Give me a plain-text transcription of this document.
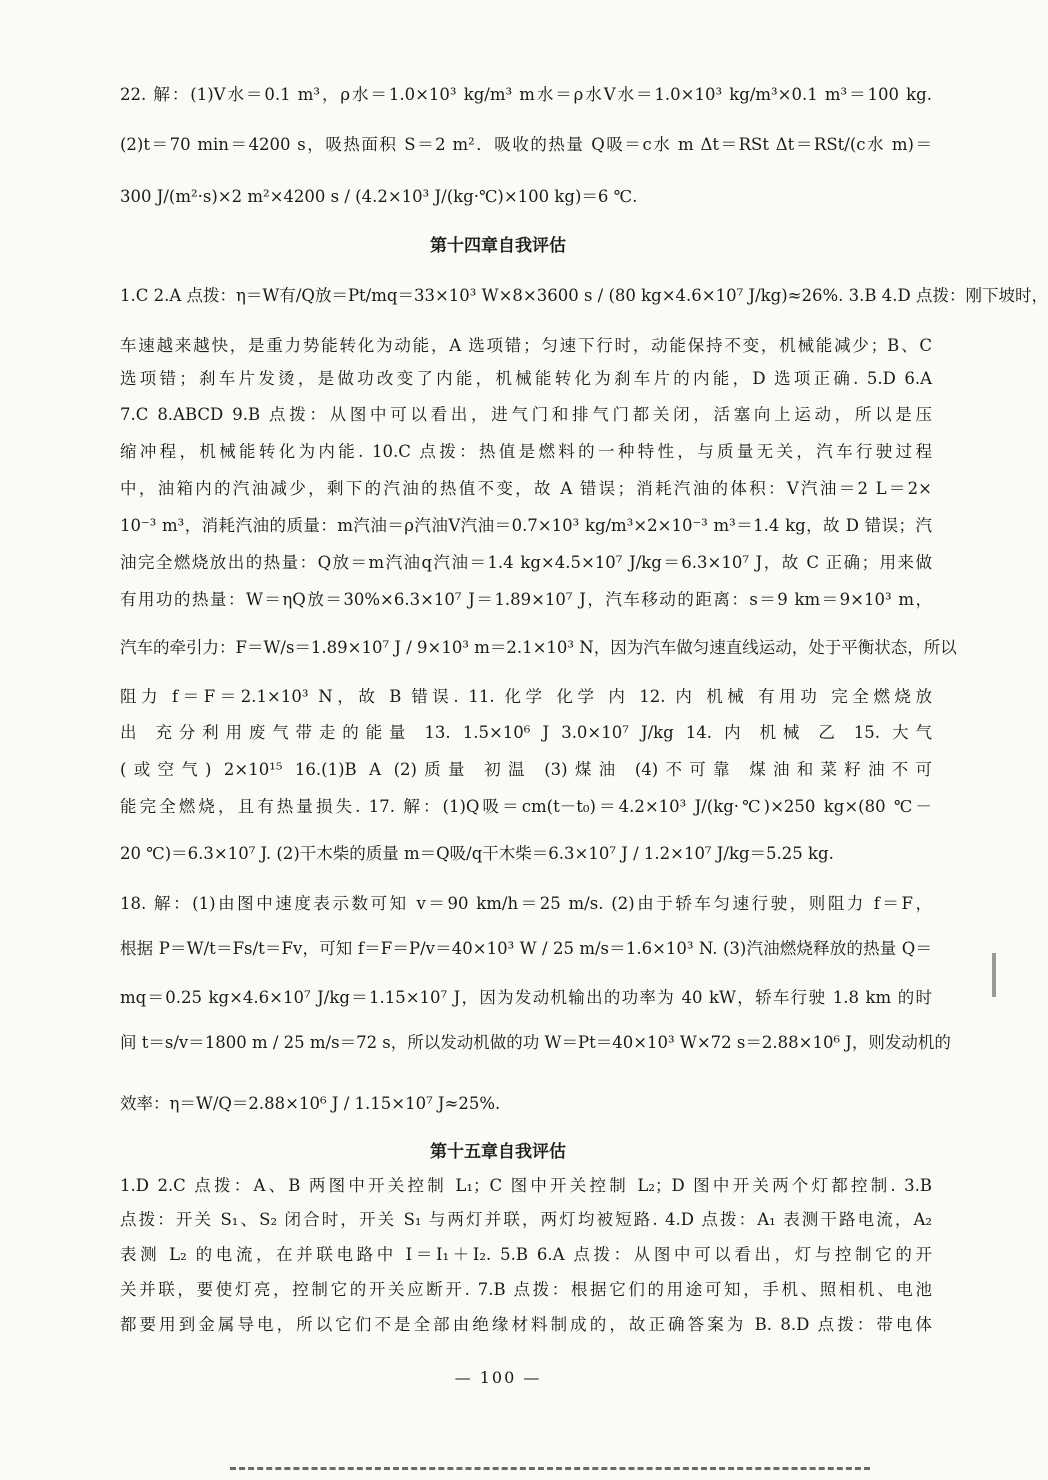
22. 解：(1)V水＝0.1 m³，ρ水＝1.0×10³ kg/m³ m水＝ρ水V水＝1.0×10³ kg/m³×0.1 m³＝100 kg.
(2)t＝70 min＝4200 s，吸热面积 S＝2 m²．吸收的热量 Q吸＝c水 m Δt＝RSt Δt＝RSt/(c水 m)＝
300 J/(m²·s)×2 m²×4200 s / (4.2×10³ J/(kg·℃)×100 kg)＝6 ℃.
第十四章自我评估
1.C 2.A 点拨：η＝W有/Q放＝Pt/mq＝33×10³ W×8×3600 s / (80 kg×4.6×10⁷ J/kg)≈26%. 3.B 4.D 点拨：刚下坡时，
车速越来越快，是重力势能转化为动能，A 选项错；匀速下行时，动能保持不变，机械能减少；B、C
选项错；刹车片发烫，是做功改变了内能，机械能转化为刹车片的内能，D 选项正确. 5.D 6.A
7.C 8.ABCD 9.B 点拨：从图中可以看出，进气门和排气门都关闭，活塞向上运动，所以是压
缩冲程，机械能转化为内能. 10.C 点拨：热值是燃料的一种特性，与质量无关，汽车行驶过程
中，油箱内的汽油减少，剩下的汽油的热值不变，故 A 错误；消耗汽油的体积：V汽油＝2 L＝2×
10⁻³ m³，消耗汽油的质量：m汽油＝ρ汽油V汽油＝0.7×10³ kg/m³×2×10⁻³ m³＝1.4 kg，故 D 错误；汽
油完全燃烧放出的热量：Q放＝m汽油q汽油＝1.4 kg×4.5×10⁷ J/kg＝6.3×10⁷ J，故 C 正确；用来做
有用功的热量：W＝ηQ放＝30%×6.3×10⁷ J＝1.89×10⁷ J，汽车移动的距离：s＝9 km＝9×10³ m，
汽车的牵引力：F＝W/s＝1.89×10⁷ J / 9×10³ m＝2.1×10³ N，因为汽车做匀速直线运动，处于平衡状态，所以
阻力 f＝F＝2.1×10³ N，故 B 错误. 11. 化学 化学 内 12. 内 机械 有用功 完全燃烧放
出 充分利用废气带走的能量 13. 1.5×10⁶ J 3.0×10⁷ J/kg 14. 内 机械 乙 15. 大气
(或空气) 2×10¹⁵ 16.(1)B A (2)质量 初温 (3)煤油 (4)不可靠 煤油和菜籽油不可
能完全燃烧，且有热量损失. 17. 解：(1)Q吸＝cm(t－t₀)＝4.2×10³ J/(kg·℃)×250 kg×(80 ℃－
20 ℃)＝6.3×10⁷ J. (2)干木柴的质量 m＝Q吸/q干木柴＝6.3×10⁷ J / 1.2×10⁷ J/kg＝5.25 kg.
18. 解：(1)由图中速度表示数可知 v＝90 km/h＝25 m/s. (2)由于轿车匀速行驶，则阻力 f＝F，
根据 P＝W/t＝Fs/t＝Fv，可知 f＝F＝P/v＝40×10³ W / 25 m/s＝1.6×10³ N. (3)汽油燃烧释放的热量 Q＝
mq＝0.25 kg×4.6×10⁷ J/kg＝1.15×10⁷ J，因为发动机输出的功率为 40 kW，轿车行驶 1.8 km 的时
间 t＝s/v＝1800 m / 25 m/s＝72 s，所以发动机做的功 W＝Pt＝40×10³ W×72 s＝2.88×10⁶ J，则发动机的
效率：η＝W/Q＝2.88×10⁶ J / 1.15×10⁷ J≈25%.
第十五章自我评估
1.D 2.C 点拨：A、B 两图中开关控制 L₁；C 图中开关控制 L₂；D 图中开关两个灯都控制. 3.B
点拨：开关 S₁、S₂ 闭合时，开关 S₁ 与两灯并联，两灯均被短路. 4.D 点拨：A₁ 表测干路电流，A₂
表测 L₂ 的电流，在并联电路中 I＝I₁＋I₂. 5.B 6.A 点拨：从图中可以看出，灯与控制它的开
关并联，要使灯亮，控制它的开关应断开. 7.B 点拨：根据它们的用途可知，手机、照相机、电池
都要用到金属导电，所以它们不是全部由绝缘材料制成的，故正确答案为 B. 8.D 点拨：带电体
— 100 —
